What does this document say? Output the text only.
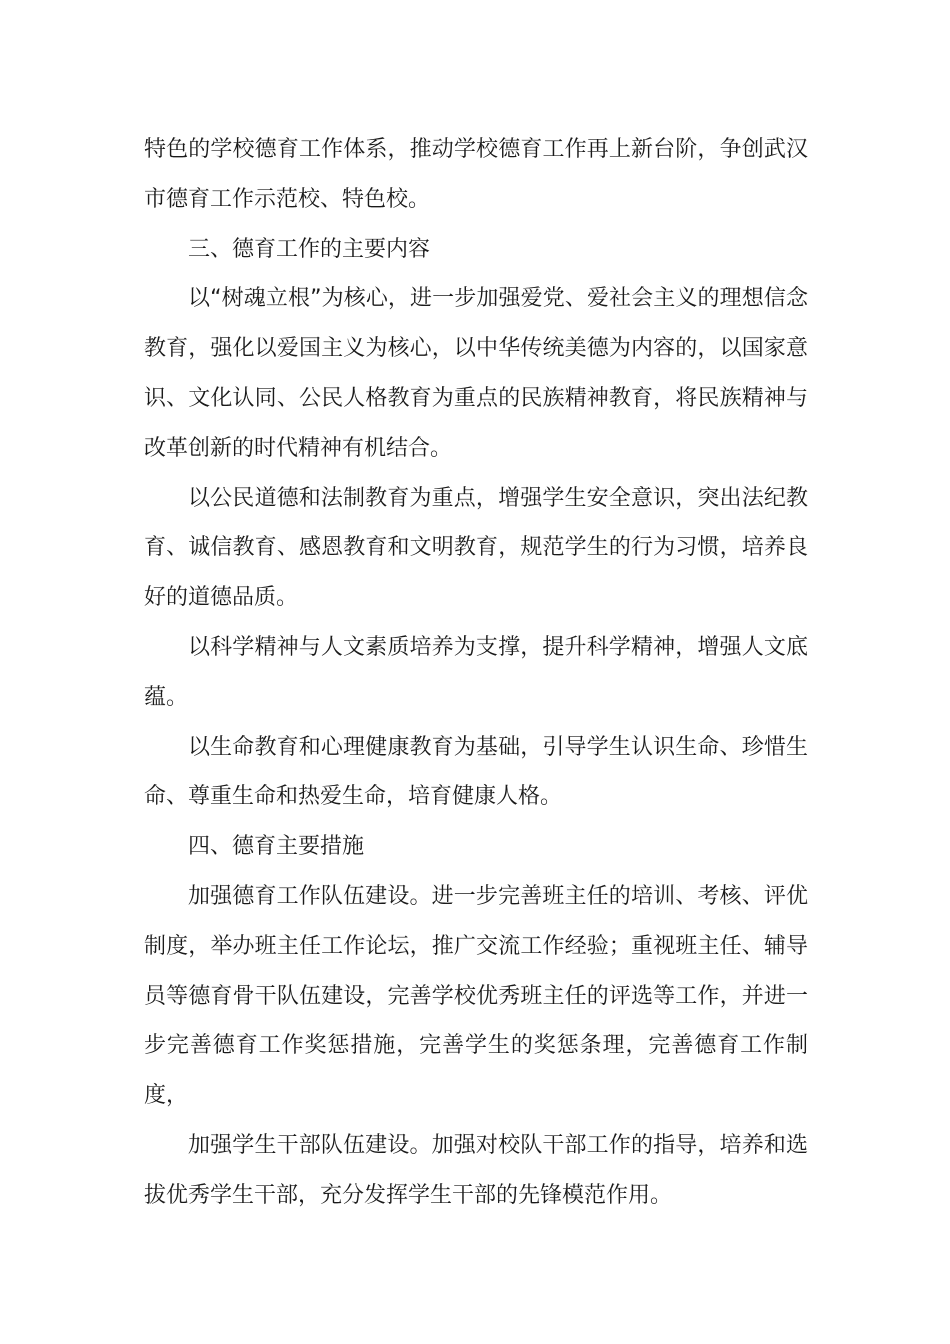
特色的学校德育工作体系，推动学校德育工作再上新台阶，争创武汉市德育工作示范校、特色校。

三、德育工作的主要内容

以“树魂立根”为核心，进一步加强爱党、爱社会主义的理想信念教育，强化以爱国主义为核心，以中华传统美德为内容的，以国家意识、文化认同、公民人格教育为重点的民族精神教育，将民族精神与改革创新的时代精神有机结合。

以公民道德和法制教育为重点，增强学生安全意识，突出法纪教育、诚信教育、感恩教育和文明教育，规范学生的行为习惯，培养良好的道德品质。

以科学精神与人文素质培养为支撑，提升科学精神，增强人文底蕴。

以生命教育和心理健康教育为基础，引导学生认识生命、珍惜生命、尊重生命和热爱生命，培育健康人格。

四、德育主要措施

加强德育工作队伍建设。进一步完善班主任的培训、考核、评优制度，举办班主任工作论坛，推广交流工作经验；重视班主任、辅导员等德育骨干队伍建设，完善学校优秀班主任的评选等工作，并进一步完善德育工作奖惩措施，完善学生的奖惩条理，完善德育工作制度，

加强学生干部队伍建设。加强对校队干部工作的指导，培养和选拔优秀学生干部，充分发挥学生干部的先锋模范作用。
